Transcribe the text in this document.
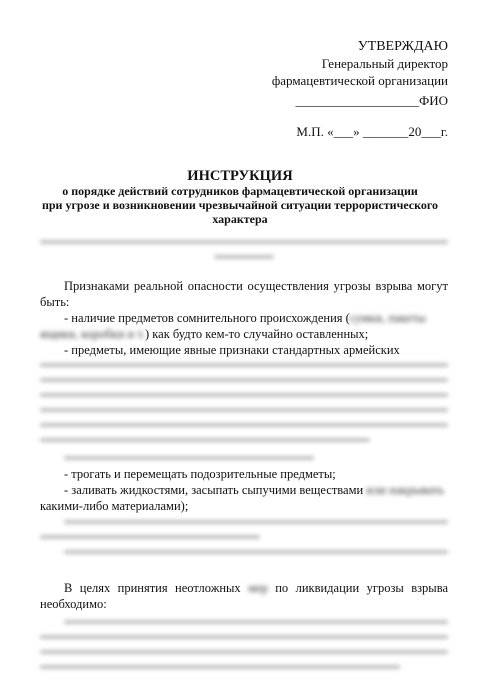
УТВЕРЖДАЮ
Генеральный директор
фармацевтической организации
___________________ФИО
М.П. «___» _______20___г.
ИНСТРУКЦИЯ
о порядке действий сотрудников фармацевтической организации
при угрозе и возникновении чрезвычайной ситуации террористического
характера
Признаками реальной опасности осуществления угрозы взрыва могут быть:
- наличие предметов сомнительного происхождения (сумки, пакеты
ящики, коробки и т.) как будто кем-то случайно оставленных;
- предметы, имеющие явные признаки стандартных армейских
- трогать и перемещать подозрительные предметы;
- заливать жидкостями, засыпать сыпучими веществами или накрывать
какими-либо материалами);
В целях принятия неотложных мер по ликвидации угрозы взрыва необходимо:
